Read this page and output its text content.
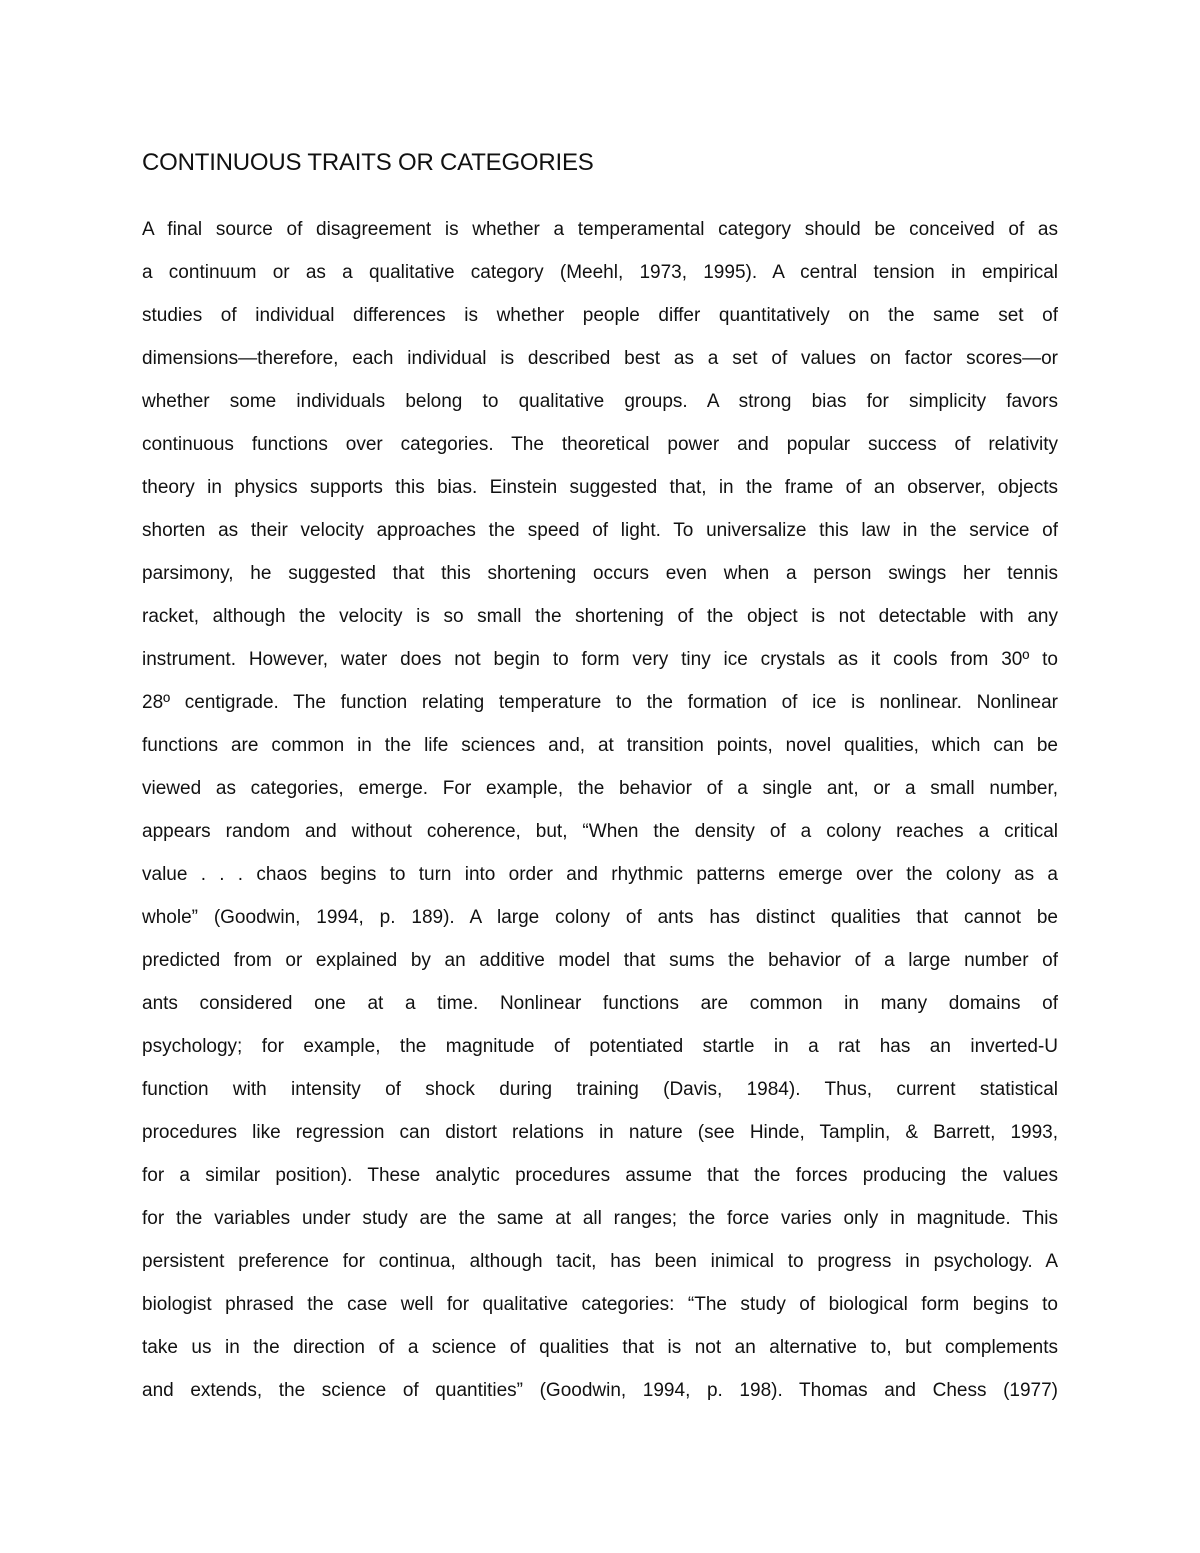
CONTINUOUS TRAITS OR CATEGORIES
A final source of disagreement is whether a temperamental category should be conceived of as
a continuum or as a qualitative category (Meehl, 1973, 1995). A central tension in empirical
studies of individual differences is whether people differ quantitatively on the same set of
dimensions—therefore, each individual is described best as a set of values on factor scores—or
whether some individuals belong to qualitative groups. A strong bias for simplicity favors
continuous functions over categories. The theoretical power and popular success of relativity
theory in physics supports this bias. Einstein suggested that, in the frame of an observer, objects
shorten as their velocity approaches the speed of light. To universalize this law in the service of
parsimony, he suggested that this shortening occurs even when a person swings her tennis
racket, although the velocity is so small the shortening of the object is not detectable with any
instrument. However, water does not begin to form very tiny ice crystals as it cools from 30º to
28º centigrade. The function relating temperature to the formation of ice is nonlinear. Nonlinear
functions are common in the life sciences and, at transition points, novel qualities, which can be
viewed as categories, emerge. For example, the behavior of a single ant, or a small number,
appears random and without coherence, but, “When the density of a colony reaches a critical
value . . . chaos begins to turn into order and rhythmic patterns emerge over the colony as a
whole” (Goodwin, 1994, p. 189). A large colony of ants has distinct qualities that cannot be
predicted from or explained by an additive model that sums the behavior of a large number of
ants considered one at a time. Nonlinear functions are common in many domains of
psychology; for example, the magnitude of potentiated startle in a rat has an inverted-U
function with intensity of shock during training (Davis, 1984). Thus, current statistical
procedures like regression can distort relations in nature (see Hinde, Tamplin, & Barrett, 1993,
for a similar position). These analytic procedures assume that the forces producing the values
for the variables under study are the same at all ranges; the force varies only in magnitude. This
persistent preference for continua, although tacit, has been inimical to progress in psychology. A
biologist phrased the case well for qualitative categories: “The study of biological form begins to
take us in the direction of a science of qualities that is not an alternative to, but complements
and extends, the science of quantities” (Goodwin, 1994, p. 198). Thomas and Chess (1977)
